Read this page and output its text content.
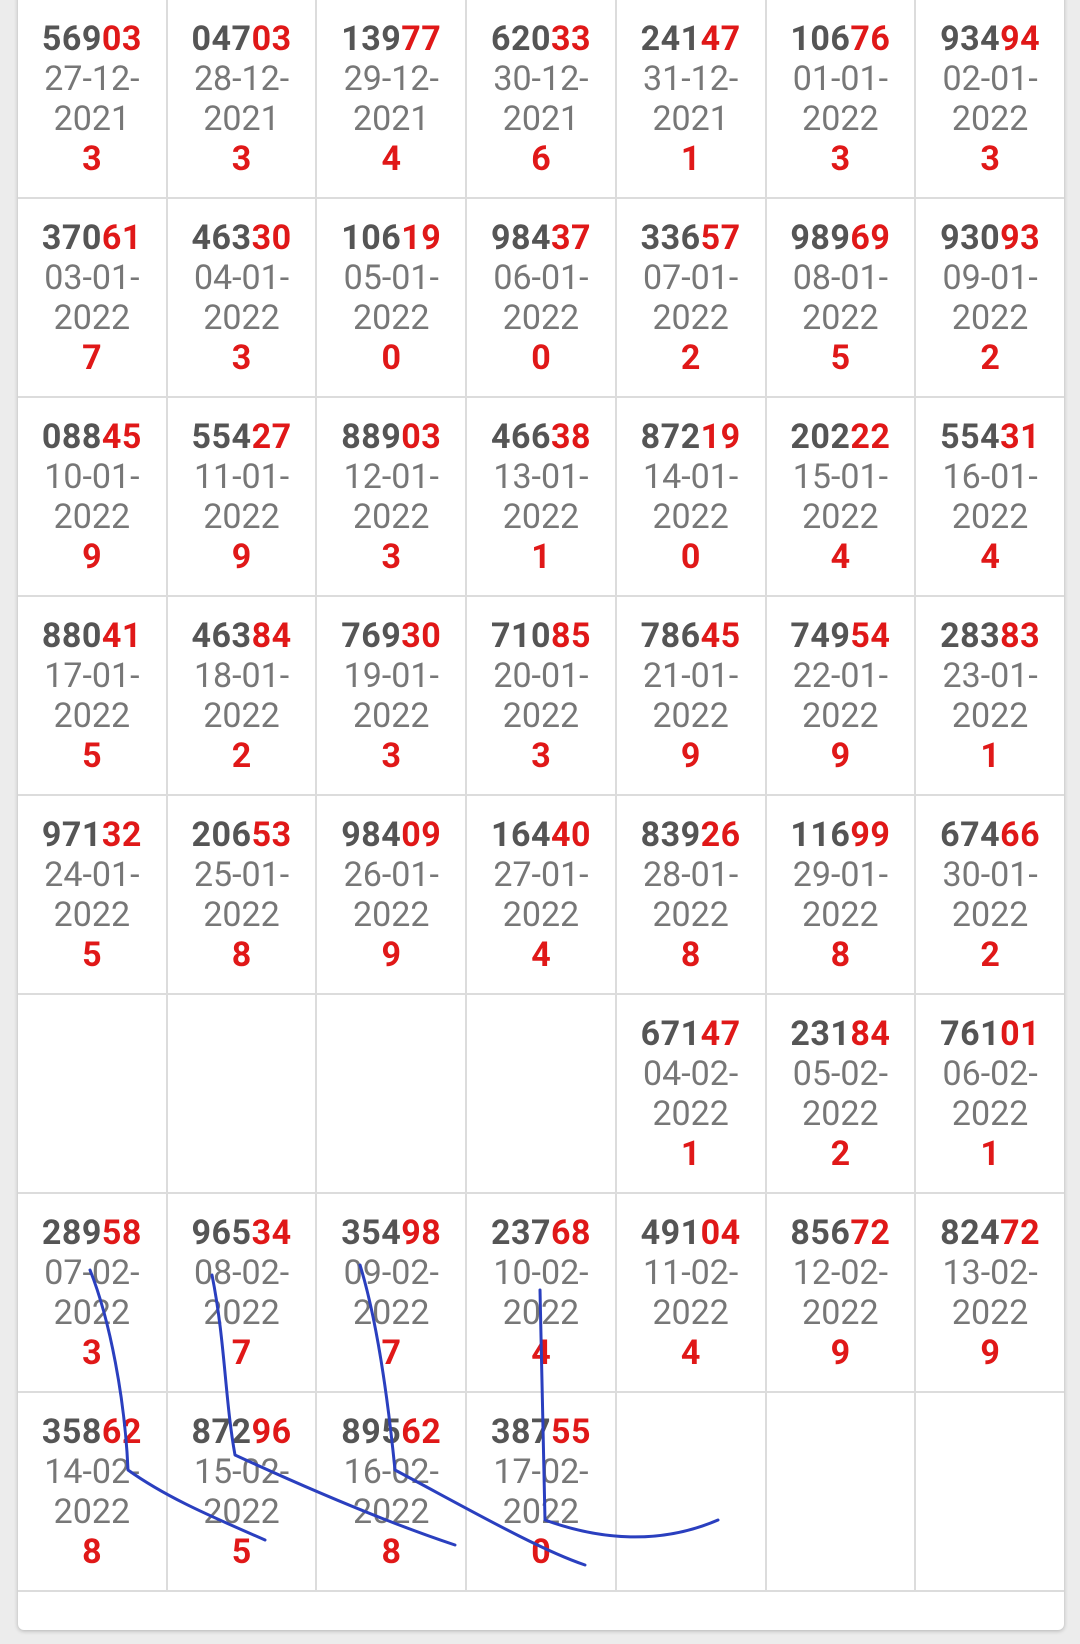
56903
27-12-
2021
3	04703
28-12-
2021
3	13977
29-12-
2021
4	62033
30-12-
2021
6	24147
31-12-
2021
1	10676
01-01-
2022
3	93494
02-01-
2022
3

37061
03-01-
2022
7	46330
04-01-
2022
3	10619
05-01-
2022
0	98437
06-01-
2022
0	33657
07-01-
2022
2	98969
08-01-
2022
5	93093
09-01-
2022
2

08845
10-01-
2022
9	55427
11-01-
2022
9	88903
12-01-
2022
3	46638
13-01-
2022
1	87219
14-01-
2022
0	20222
15-01-
2022
4	55431
16-01-
2022
4

88041
17-01-
2022
5	46384
18-01-
2022
2	76930
19-01-
2022
3	71085
20-01-
2022
3	78645
21-01-
2022
9	74954
22-01-
2022
9	28383
23-01-
2022
1

97132
24-01-
2022
5	20653
25-01-
2022
8	98409
26-01-
2022
9	16440
27-01-
2022
4	83926
28-01-
2022
8	11699
29-01-
2022
8	67466
30-01-
2022
2

				67147
04-02-
2022
1	23184
05-02-
2022
2	76101
06-02-
2022
1

28958
07-02-
2022
3	96534
08-02-
2022
7	35498
09-02-
2022
7	23768
10-02-
2022
4	49104
11-02-
2022
4	85672
12-02-
2022
9	82472
13-02-
2022
9

35862
14-02-
2022
8	87296
15-02-
2022
5	89562
16-02-
2022
8	38755
17-02-
2022
0			
